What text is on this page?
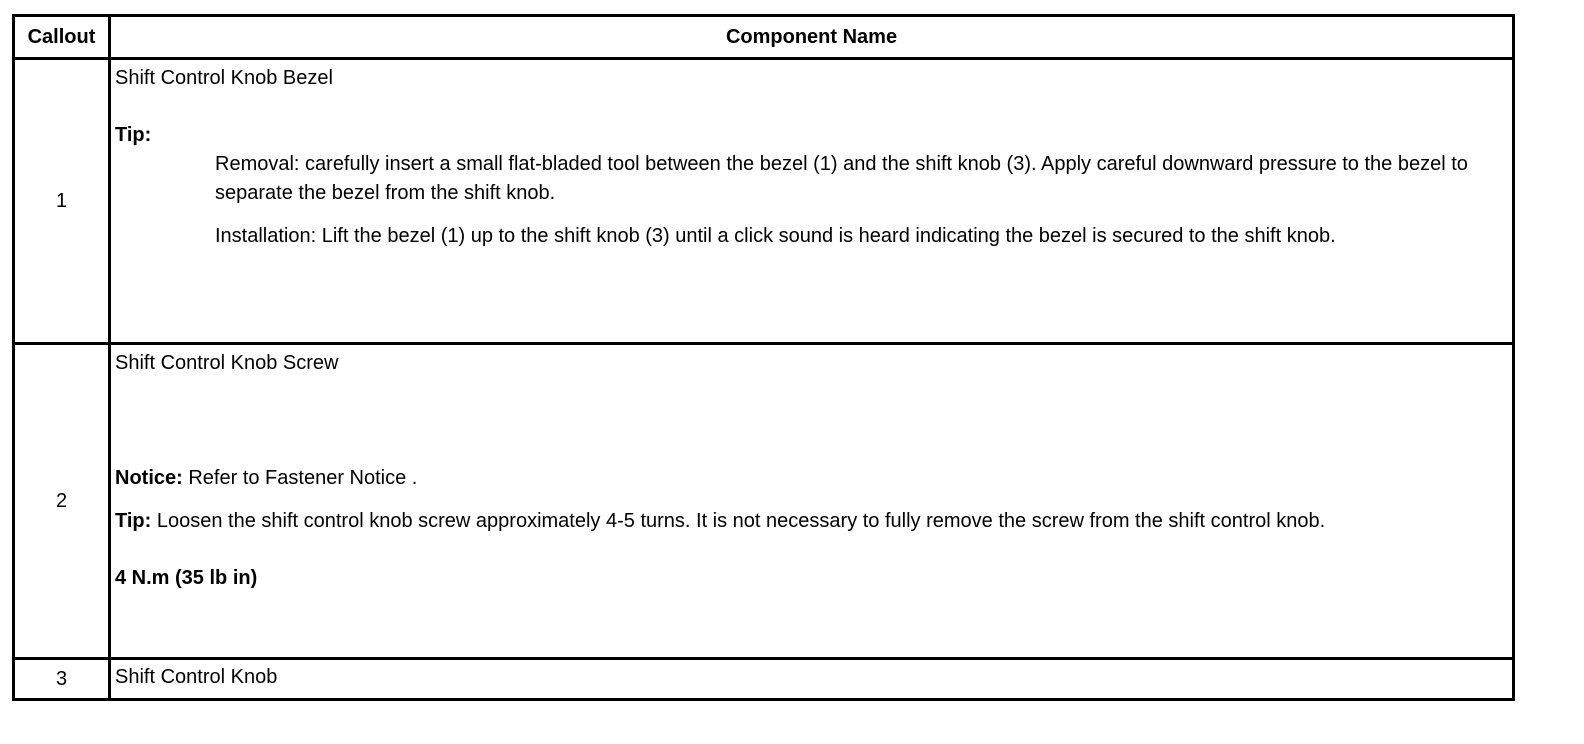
Callout	Component Name
1	Shift Control Knob Bezel
Tip:
Removal: carefully insert a small flat-bladed tool between the bezel (1) and the shift knob (3). Apply careful downward pressure to the bezel to separate the bezel from the shift knob.
Installation: Lift the bezel (1) up to the shift knob (3) until a click sound is heard indicating the bezel is secured to the shift knob.

2	Shift Control Knob Screw
Notice: Refer to Fastener Notice .
Tip: Loosen the shift control knob screw approximately 4-5 turns. It is not necessary to fully remove the screw from the shift control knob.
4 N.m (35 lb in)

3	Shift Control Knob
